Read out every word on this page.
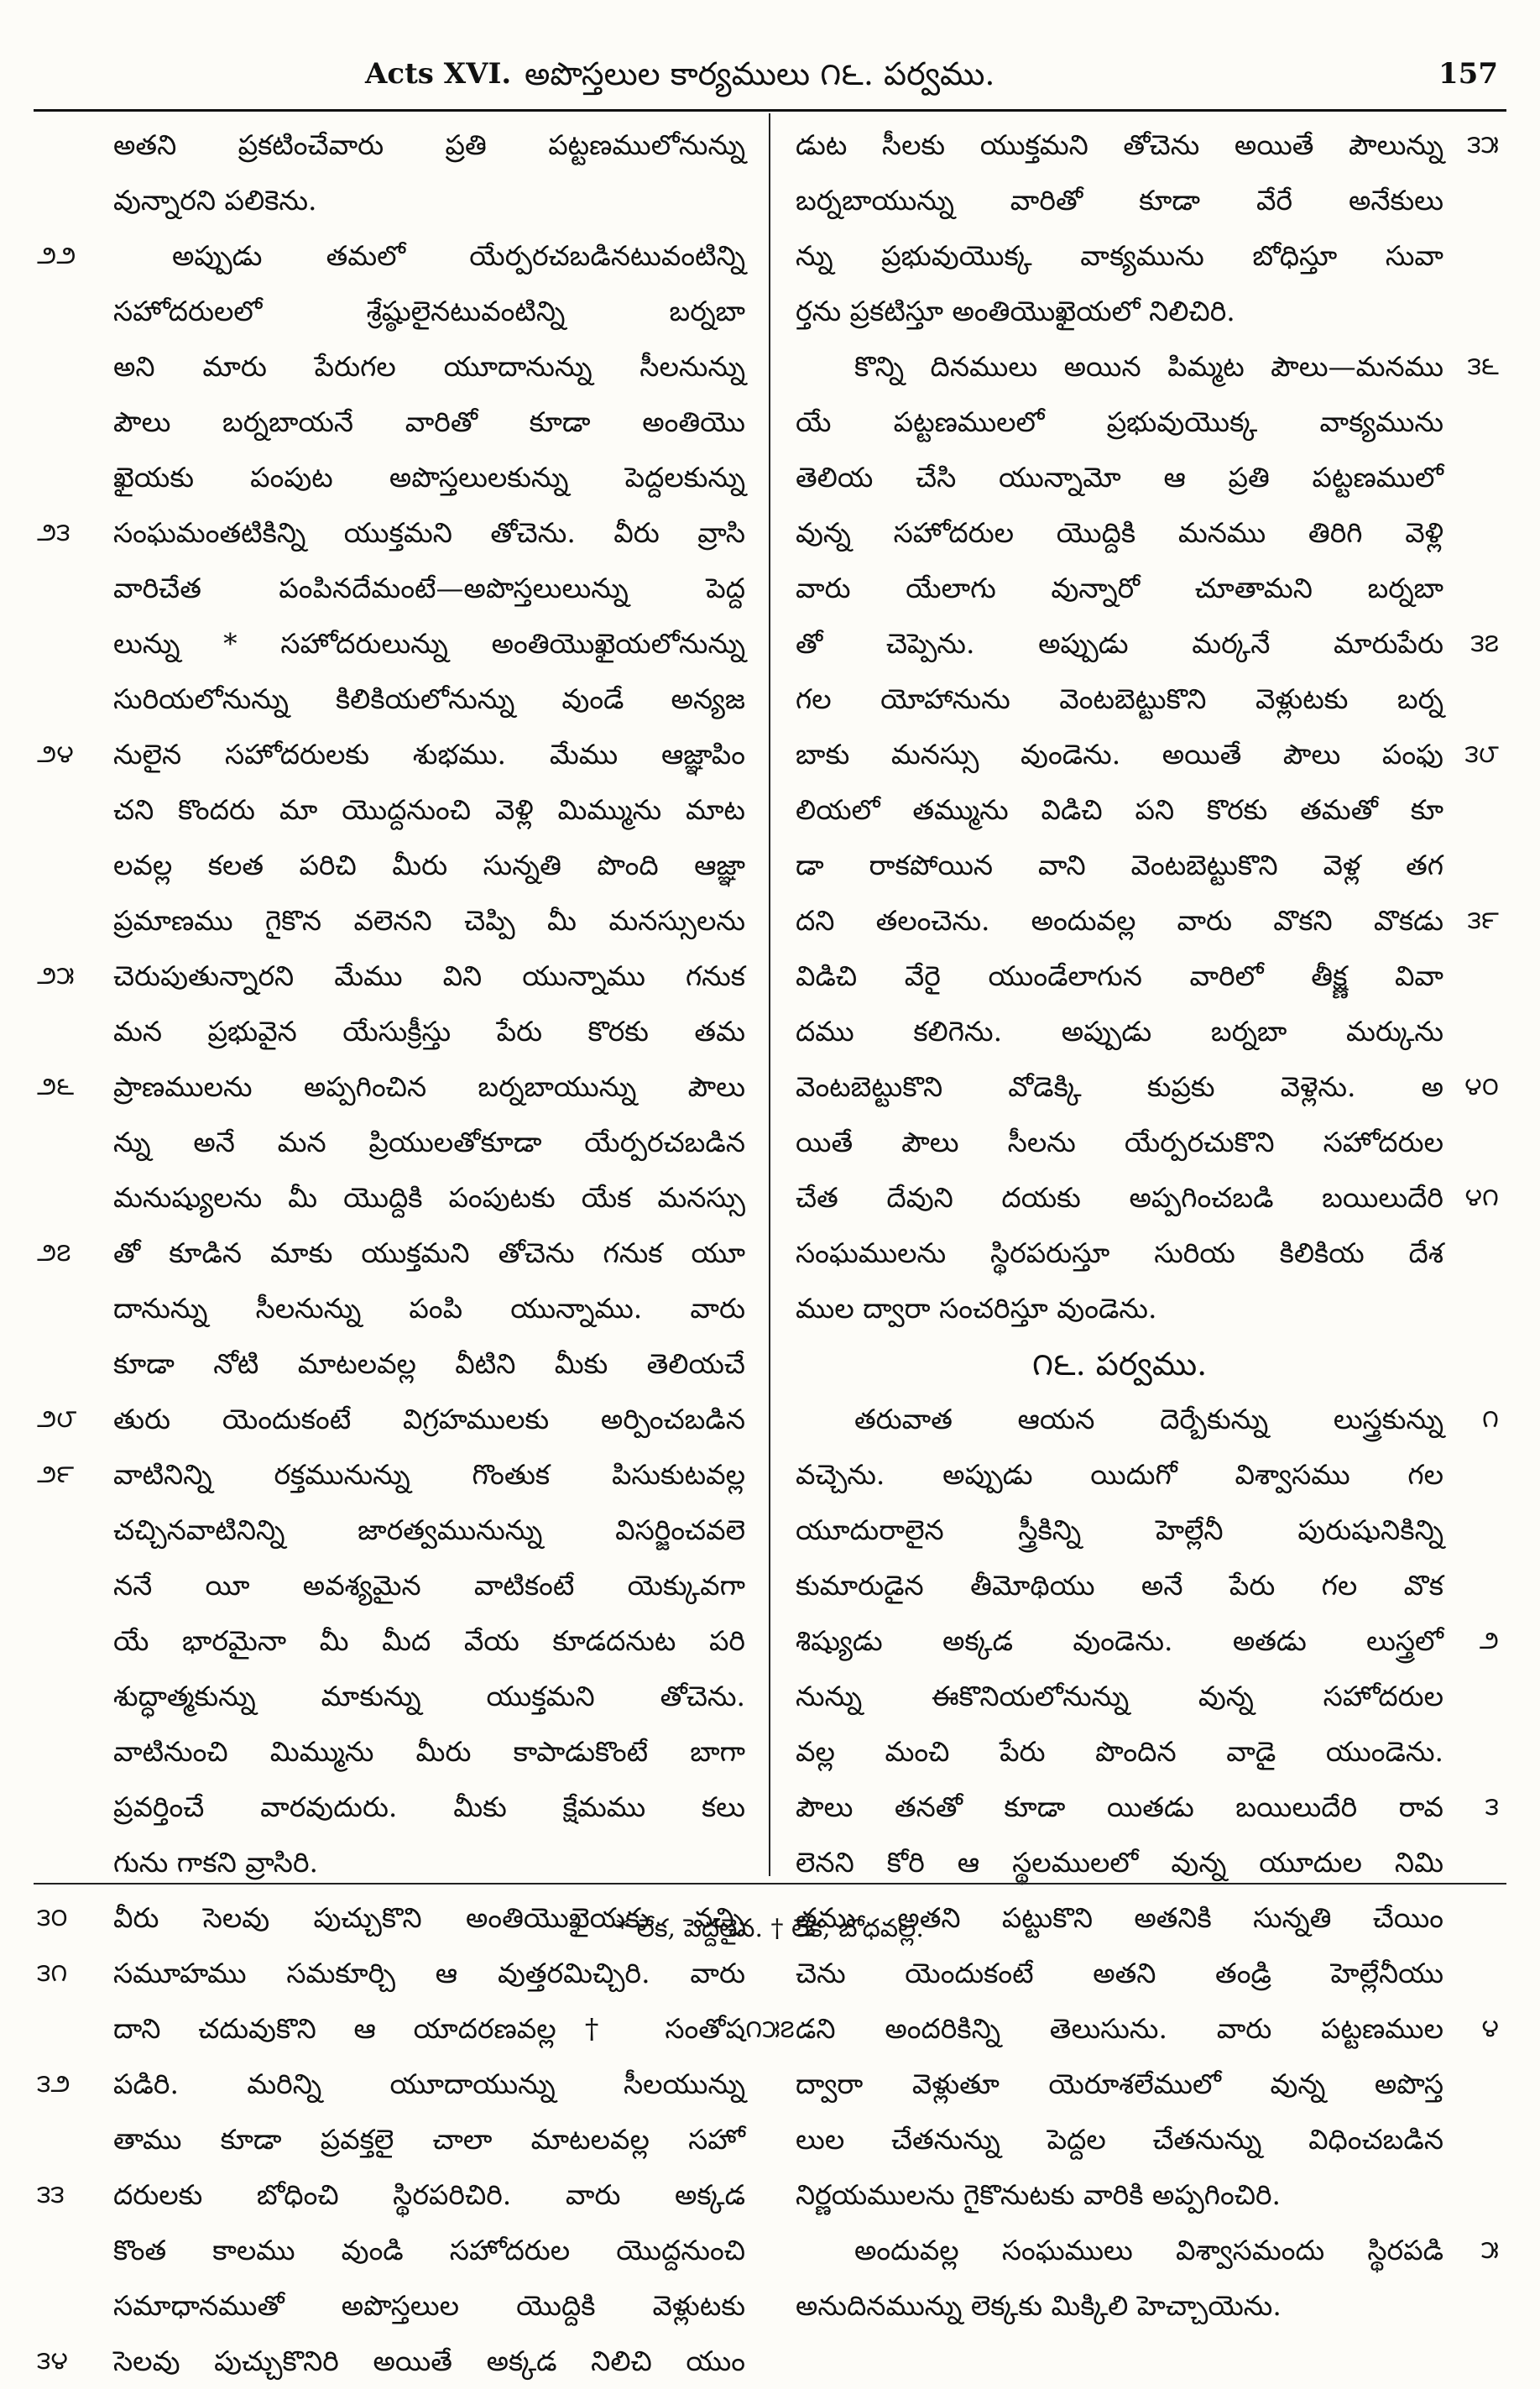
Acts XVI. అపొస్తలుల కార్యములు ౧౬. పర్వము.	157
అతని ప్రకటించేవారు ప్రతి పట్టణములోనున్ను
వున్నారని పలికెను.
౨౨	అప్పుడు తమలో యేర్పరచబడినటువంటిన్ని
సహోదరులలో శ్రేష్ఠులైనటువంటిన్ని బర్నబా
అని మారు పేరుగల యూదానున్ను సీలనున్ను
పౌలు బర్నబాయనే వారితో కూడా అంతియొ
ఖైయకు పంపుట అపొస్తలులకున్ను పెద్దలకున్ను
౨౩ సంఘమంతటికిన్ని యుక్తమని తోచెను. వీరు వ్రాసి
వారిచేత పంపినదేమంటే—అపొస్తలులున్ను పెద్ద
లున్ను * సహోదరులున్ను అంతియొఖైయలోనున్ను
సురియలోనున్ను కిలికియలోనున్ను వుండే అన్యజ
౨౪ నులైన సహోదరులకు శుభము. మేము ఆజ్ఞాపిం
చని కొందరు మా యొద్దనుంచి వెళ్లి మిమ్మును మాట
లవల్ల కలత పరిచి మీరు సున్నతి పొంది ఆజ్ఞా
ప్రమాణము గైకొన వలెనని చెప్పి మీ మనస్సులను
౨౫ చెరుపుతున్నారని మేము విని యున్నాము గనుక
మన ప్రభువైన యేసుక్రీస్తు పేరు కొరకు తమ
౨౬ ప్రాణములను అప్పగించిన బర్నబాయున్ను పౌలు
న్ను అనే మన ప్రియులతోకూడా యేర్పరచబడిన
మనుష్యులను మీ యొద్దికి పంపుటకు యేక మనస్సు
౨౭ తో కూడిన మాకు యుక్తమని తోచెను గనుక యూ
దానున్ను సీలనున్ను పంపి యున్నాము. వారు
కూడా నోటి మాటలవల్ల వీటిని మీకు తెలియచే
౨౮ తురు యెందుకంటే విగ్రహములకు అర్పించబడిన
౨౯ వాటినిన్ని రక్తమునున్ను గొంతుక పిసుకుటవల్ల
చచ్చినవాటినిన్ని జారత్వమునున్ను విసర్జించవలె
ననే యీ అవశ్యమైన వాటికంటే యెక్కువగా
యే భారమైనా మీ మీద వేయ కూడదనుట పరి
శుద్ధాత్మకున్ను మాకున్ను యుక్తమని తోచెను.
వాటినుంచి మిమ్మును మీరు కాపాడుకొంటే బాగా
ప్రవర్తించే వారవుదురు. మీకు క్షేమము కలు
గును గాకని వ్రాసిరి.
౩౦ వీరు సెలవు పుచ్చుకొని అంతియొఖైయకు వచ్చి
౩౧ సమూహము సమకూర్చి ఆ వుత్తరమిచ్చిరి. వారు
దాని చదువుకొని ఆ యాదరణవల్ల† సంతోష
౩౨ పడిరి. మరిన్ని యూదాయున్ను సీలయున్ను
తాము కూడా ప్రవక్తలై చాలా మాటలవల్ల సహో
౩౩ దరులకు బోధించి స్థిరపరిచిరి. వారు అక్కడ
కొంత కాలము వుండి సహోదరుల యొద్దనుంచి
సమాధానముతో అపొస్తలుల యొద్దికి వెళ్లుటకు
౩౪ సెలవు పుచ్చుకొనిరి అయితే అక్కడ నిలిచి యుం
౩౫
డుట సీలకు యుక్తమని తోచెను అయితే పౌలున్ను
బర్నబాయున్ను వారితో కూడా వేరే అనేకులు
న్ను ప్రభువుయొక్క వాక్యమును బోధిస్తూ సువా
ర్తను ప్రకటిస్తూ అంతియొఖైయలో నిలిచిరి.
౩౬
కొన్ని దినములు అయిన పిమ్మట పౌలు—మనము
యే పట్టణములలో ప్రభువుయొక్క వాక్యమును
తెలియ చేసి యున్నామో ఆ ప్రతి పట్టణములో
వున్న సహోదరుల యొద్దికి మనము తిరిగి వెళ్లి
వారు యేలాగు వున్నారో చూతామని బర్నబా
౩౭
తో చెప్పెను. అప్పుడు మర్కనే మారుపేరు
గల యోహానును వెంటబెట్టుకొని వెళ్లుటకు బర్న
౩౮
బాకు మనస్సు వుండెను. అయితే పౌలు పంఫు
లియలో తమ్మును విడిచి పని కొరకు తమతో కూ
డా రాకపోయిన వాని వెంటబెట్టుకొని వెళ్ల తగ
౩౯
దని తలంచెను. అందువల్ల వారు వొకని వొకడు
విడిచి వేరై యుండేలాగున వారిలో తీక్ష్ణ వివా
దము కలిగెను. అప్పుడు బర్నబా మర్కును
౪౦
వెంటబెట్టుకొని వోడెక్కి కుప్రకు వెళ్లెను. అ
యితే పౌలు సీలను యేర్పరచుకొని సహోదరుల
౪౧
చేత దేవుని దయకు అప్పగించబడి బయిలుదేరి
సంఘములను స్థిరపరుస్తూ సురియ కిలికియ దేశ
ముల ద్వారా సంచరిస్తూ వుండెను.
౧౬. పర్వము.
౧
తరువాత ఆయన దెర్బేకున్ను లుస్త్రకున్ను
వచ్చెను. అప్పుడు యిదుగో విశ్వాసము గల
యూదురాలైన స్త్రీకిన్ని హెల్లేనీ పురుషునికిన్ని
కుమారుడైన తీమోథియు అనే పేరు గల వొక
౨
శిష్యుడు అక్కడ వుండెను. అతడు లుస్త్రలో
నున్ను ఈకొనియలోనున్ను వున్న సహోదరుల
వల్ల మంచి పేరు పొందిన వాడై యుండెను.
౩
పౌలు తనతో కూడా యితడు బయిలుదేరి రావ
లెనని కోరి ఆ స్థలములలో వున్న యూదుల నిమి
త్తము అతని పట్టుకొని అతనికి సున్నతి చేయిం
చెను యెందుకంటే అతని తండ్రి హెల్లేనీయు
౪
డని అందరికిన్ని తెలుసును. వారు పట్టణముల
ద్వారా వెళ్లుతూ యెరూశలేములో వున్న అపొస్త
లుల చేతనున్ను పెద్దల చేతనున్ను విధించబడిన
నిర్ణయములను గైకొనుటకు వారికి అప్పగించిరి.
౫
అందువల్ల సంఘములు విశ్వాసమందు స్థిరపడి
అనుదినమున్ను లెక్కకు మిక్కిలి హెచ్చాయెను.
* లేక, పెద్దలైన. † లేక, బోధవల్ల.
౧౫౭
